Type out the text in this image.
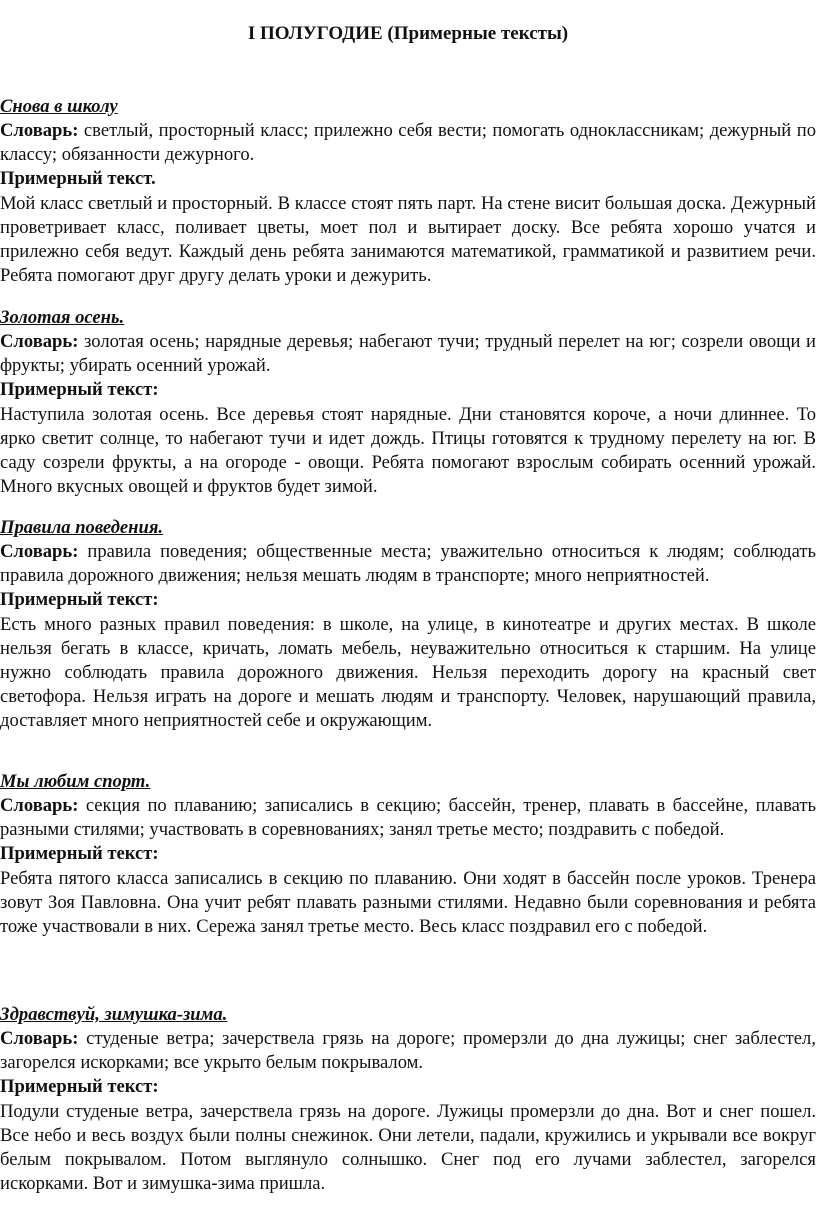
I ПОЛУГОДИЕ (Примерные тексты)
Снова в школу

Словарь: светлый, просторный класс; прилежно себя вести; помогать одноклассникам; дежурный по классу; обязанности дежурного.

Примерный текст.

Мой класс светлый и просторный. В классе стоят пять парт. На стене висит большая доска. Дежурный проветривает класс, поливает цветы, моет пол и вытирает доску. Все ребята хорошо учатся и прилежно себя ведут. Каждый день ребята занимаются математикой, грамматикой и развитием речи. Ребята помогают друг другу делать уроки и дежурить.

Золотая осень.

Словарь: золотая осень; нарядные деревья; набегают тучи; трудный перелет на юг; созрели овощи и фрукты; убирать осенний урожай.

Примерный текст:

Наступила золотая осень. Все деревья стоят нарядные. Дни становятся короче, а ночи длиннее. То ярко светит солнце, то набегают тучи и идет дождь. Птицы готовятся к трудному перелету на юг. В саду созрели фрукты, а на огороде - овощи. Ребята помогают взрослым собирать осенний урожай. Много вкусных овощей и фруктов будет зимой.

Правила поведения.

Словарь: правила поведения; общественные места; уважительно относиться к людям; соблюдать правила дорожного движения; нельзя мешать людям в транспорте; много неприятностей.

Примерный текст:

Есть много разных правил поведения: в школе, на улице, в кинотеатре и других местах. В школе нельзя бегать в классе, кричать, ломать мебель, неуважительно относиться к старшим. На улице нужно соблюдать правила дорожного движения. Нельзя переходить дорогу на красный свет светофора. Нельзя играть на дороге и мешать людям и транспорту. Человек, нарушающий правила, доставляет много неприятностей себе и окружающим.

Мы любим спорт.

Словарь: секция по плаванию; записались в секцию; бассейн, тренер, плавать в бассейне, плавать разными стилями; участвовать в соревнованиях; занял третье место; поздравить с победой.

Примерный текст:

Ребята пятого класса записались в секцию по плаванию. Они ходят в бассейн после уроков. Тренера зовут Зоя Павловна. Она учит ребят плавать разными стилями. Недавно были соревнования и ребята тоже участвовали в них. Сережа занял третье место. Весь класс поздравил его с победой.

Здравствуй, зимушка-зима.

Словарь: студеные ветра; зачерствела грязь на дороге; промерзли до дна лужицы; снег заблестел, загорелся искорками; все укрыто белым покрывалом.

Примерный текст:

Подули студеные ветра, зачерствела грязь на дороге. Лужицы промерзли до дна. Вот и снег пошел. Все небо и весь воздух были полны снежинок. Они летели, падали, кружились и укрывали все вокруг белым покрывалом. Потом выглянуло солнышко. Снег под его лучами заблестел, загорелся искорками. Вот и зимушка-зима пришла.
